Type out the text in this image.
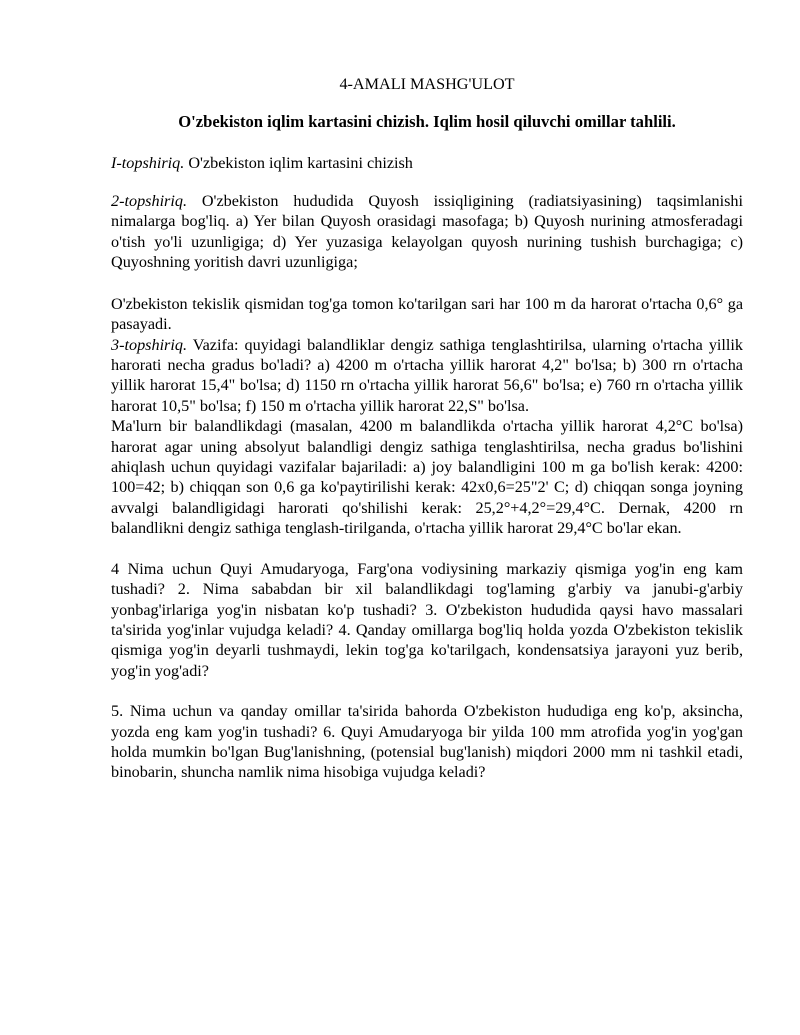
4-AMALI MASHG'ULOT

O'zbekiston iqlim kartasini chizish. Iqlim hosil qiluvchi omillar tahlili.

I-topshiriq. O'zbekiston iqlim kartasini chizish

2-topshiriq. O'zbekiston hududida Quyosh issiqligining (radiatsiyasining) taqsimlanishi nimalarga bog'liq. a) Yer bilan Quyosh orasidagi masofaga; b) Quyosh nurining atmosferadagi o'tish yo'li uzunligiga; d) Yer yuzasiga kelayolgan quyosh nurining tushish burchagiga; c) Quyoshning yoritish davri uzunligiga;

O'zbekiston tekislik qismidan tog'ga tomon ko'tarilgan sari har 100 m da harorat o'rtacha 0,6° ga pasayadi.

3-topshiriq. Vazifa: quyidagi balandliklar dengiz sathiga tenglashtirilsa, ularning o'rtacha yillik harorati necha gradus bo'ladi? a) 4200 m o'rtacha yillik harorat 4,2" bo'lsa; b) 300 rn o'rtacha yillik harorat 15,4" bo'lsa; d) 1150 rn o'rtacha yillik harorat 56,6" bo'lsa; e) 760 rn o'rtacha yillik harorat 10,5" bo'lsa; f) 150 m o'rtacha yillik harorat 22,S" bo'lsa.

Ma'lurn bir balandlikdagi (masalan, 4200 m balandlikda o'rtacha yillik harorat 4,2°C bo'lsa) harorat agar uning absolyut balandligi dengiz sathiga tenglashtirilsa, necha gradus bo'lishini ahiqlash uchun quyidagi vazifalar bajariladi: a) joy balandligini 100 m ga bo'lish kerak: 4200: 100=42; b) chiqqan son 0,6 ga ko'paytirilishi kerak: 42x0,6=25"2' C; d) chiqqan songa joyning avvalgi balandligidagi harorati qo'shilishi kerak: 25,2°+4,2°=29,4°C. Dernak, 4200 rn balandlikni dengiz sathiga tenglash-tirilganda, o'rtacha yillik harorat 29,4°C bo'lar ekan.

4 Nima uchun Quyi Amudaryoga, Farg'ona vodiysining markaziy qismiga yog'in eng kam tushadi? 2. Nima sababdan bir xil balandlikdagi tog'laming g'arbiy va janubi-g'arbiy yonbag'irlariga yog'in nisbatan ko'p tushadi? 3. O'zbekiston hududida qaysi havo massalari ta'sirida yog'inlar vujudga keladi? 4. Qanday omillarga bog'liq holda yozda O'zbekiston tekislik qismiga yog'in deyarli tushmaydi, lekin tog'ga ko'tarilgach, kondensatsiya jarayoni yuz berib, yog'in yog'adi?

5. Nima uchun va qanday omillar ta'sirida bahorda O'zbekiston hududiga eng ko'p, aksincha, yozda eng kam yog'in tushadi? 6. Quyi Amudaryoga bir yilda 100 mm atrofida yog'in yog'gan holda mumkin bo'lgan Bug'lanishning, (potensial bug'lanish) miqdori 2000 mm ni tashkil etadi, binobarin, shuncha namlik nima hisobiga vujudga keladi?
